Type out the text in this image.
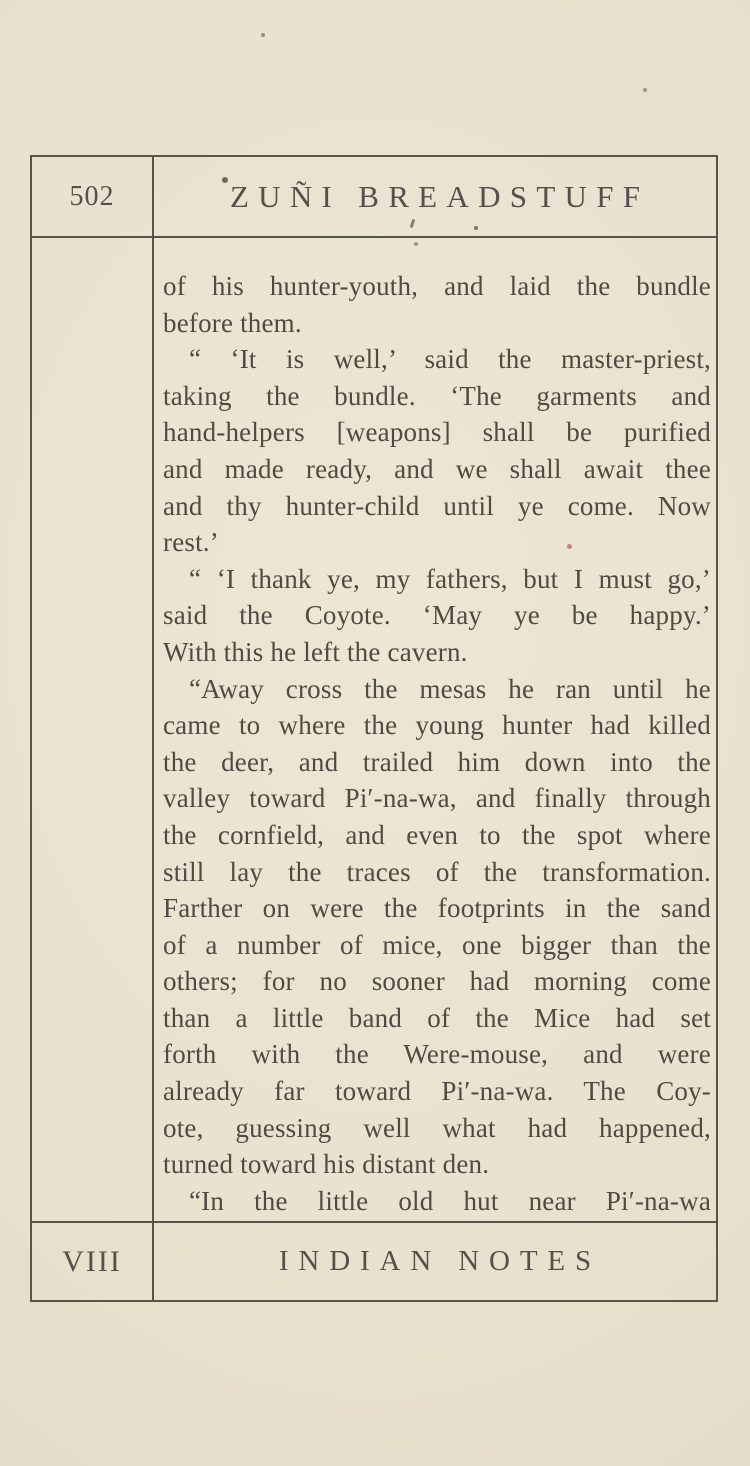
502	ZUÑI BREADSTUFF
of his hunter-youth, and laid the bundle
before them.
“ ‘It is well,’ said the master-priest,
taking the bundle. ‘The garments and
hand-helpers [weapons] shall be purified
and made ready, and we shall await thee
and thy hunter-child until ye come. Now
rest.’
“ ‘I thank ye, my fathers, but I must go,’
said the Coyote. ‘May ye be happy.’
With this he left the cavern.
“Away cross the mesas he ran until he
came to where the young hunter had killed
the deer, and trailed him down into the
valley toward Pi′-na-wa, and finally through
the cornfield, and even to the spot where
still lay the traces of the transformation.
Farther on were the footprints in the sand
of a number of mice, one bigger than the
others; for no sooner had morning come
than a little band of the Mice had set
forth with the Were-mouse, and were
already far toward Pi′-na-wa. The Coy-
ote, guessing well what had happened,
turned toward his distant den.
“In the little old hut near Pi′-na-wa
VIII	INDIAN NOTES
